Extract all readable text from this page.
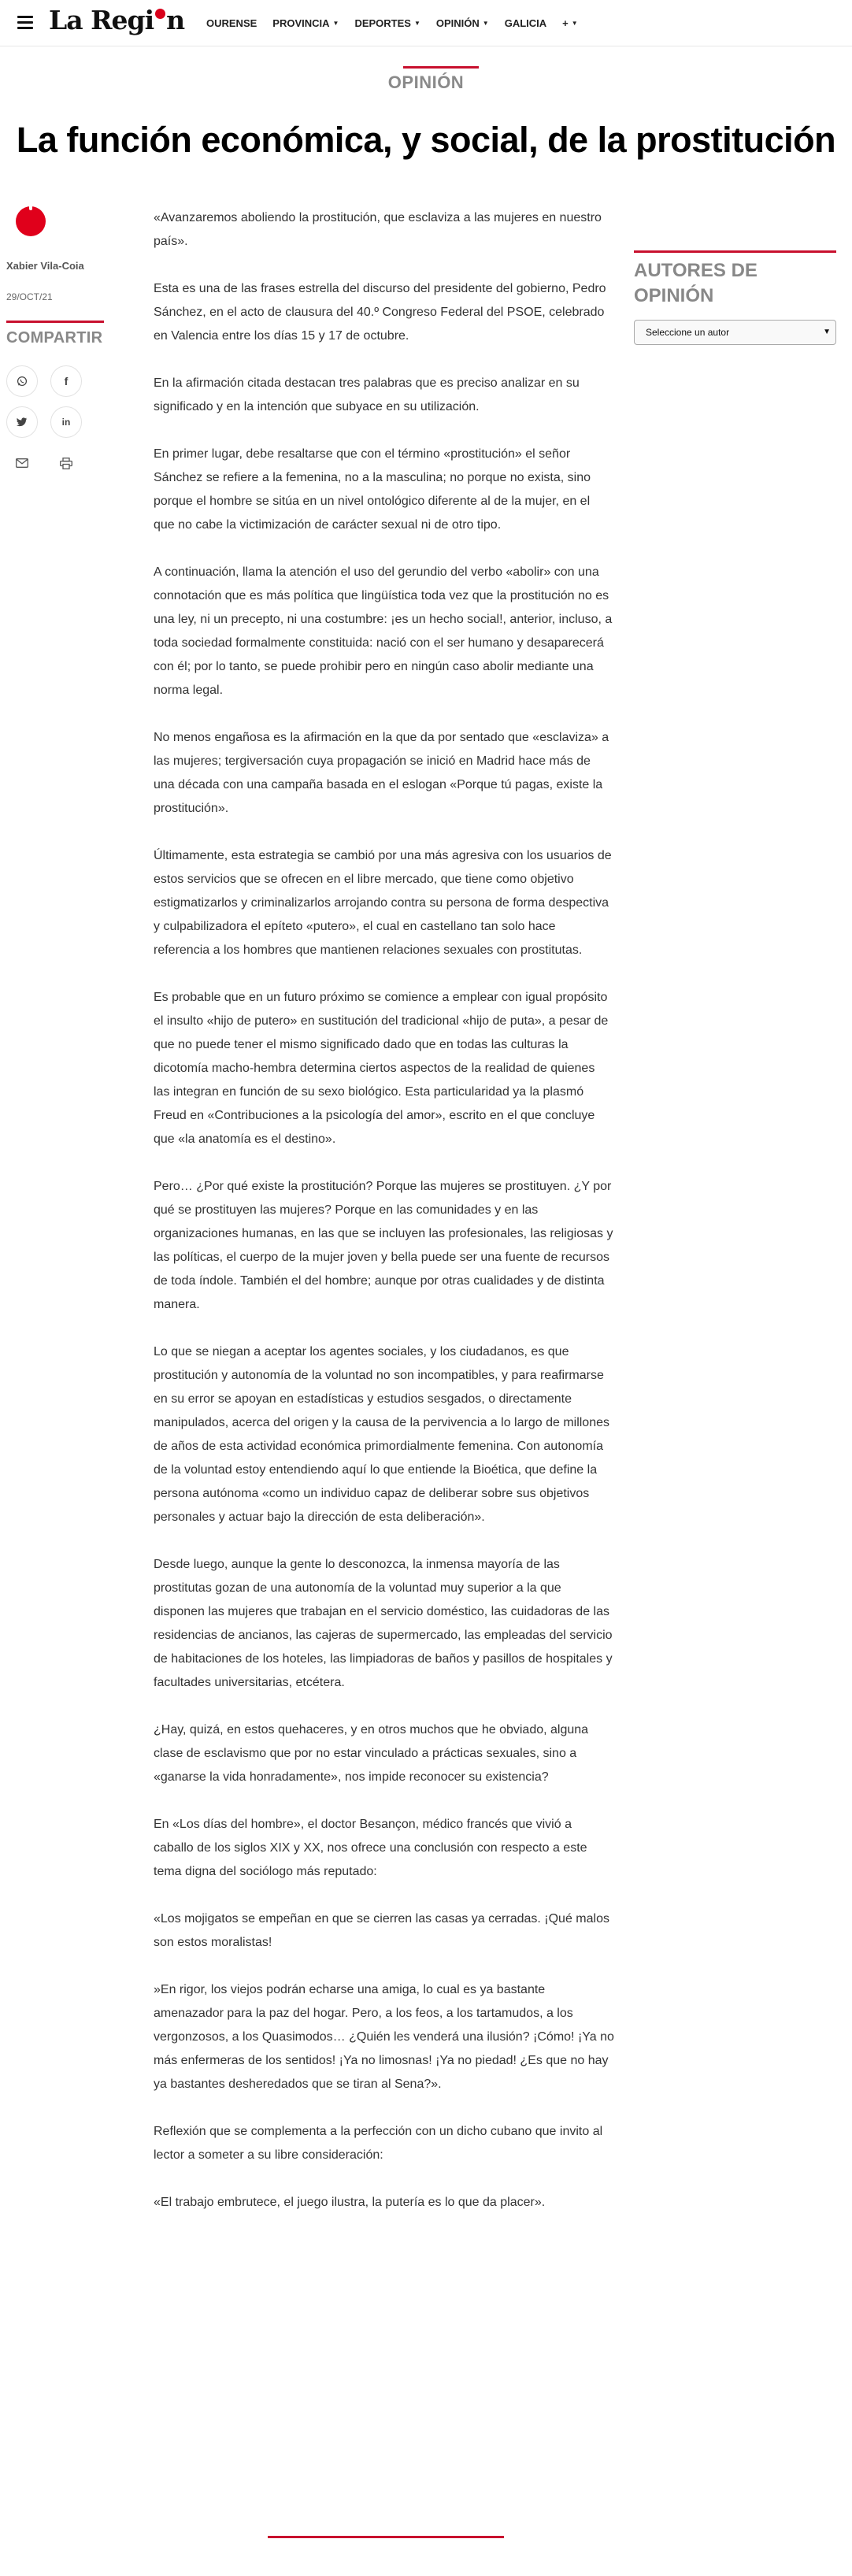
La Regi n OURENSE PROVINCIA ▼ DEPORTES ▼ OPINIÓN ▼ GALICIA + ▼
OPINIÓN
La función económica, y social, de la prostitución
Xabier Vila-Coia
29/OCT/21
COMPARTIR
f
in

«Avanzaremos aboliendo la prostitución, que esclaviza a las mujeres en nuestro país».

Esta es una de las frases estrella del discurso del presidente del gobierno, Pedro Sánchez, en el acto de clausura del 40.º Congreso Federal del PSOE, celebrado en Valencia entre los días 15 y 17 de octubre.

En la afirmación citada destacan tres palabras que es preciso analizar en su significado y en la intención que subyace en su utilización.

En primer lugar, debe resaltarse que con el término «prostitución» el señor Sánchez se refiere a la femenina, no a la masculina; no porque no exista, sino porque el hombre se sitúa en un nivel ontológico diferente al de la mujer, en el que no cabe la victimización de carácter sexual ni de otro tipo.

A continuación, llama la atención el uso del gerundio del verbo «abolir» con una connotación que es más política que lingüística toda vez que la prostitución no es una ley, ni un precepto, ni una costumbre: ¡es un hecho social!, anterior, incluso, a toda sociedad formalmente constituida: nació con el ser humano y desaparecerá con él; por lo tanto, se puede prohibir pero en ningún caso abolir mediante una norma legal.

No menos engañosa es la afirmación en la que da por sentado que «esclaviza» a las mujeres; tergiversación cuya propagación se inició en Madrid hace más de una década con una campaña basada en el eslogan «Porque tú pagas, existe la prostitución».

Últimamente, esta estrategia se cambió por una más agresiva con los usuarios de estos servicios que se ofrecen en el libre mercado, que tiene como objetivo estigmatizarlos y criminalizarlos arrojando contra su persona de forma despectiva y culpabilizadora el epíteto «putero», el cual en castellano tan solo hace referencia a los hombres que mantienen relaciones sexuales con prostitutas.

Es probable que en un futuro próximo se comience a emplear con igual propósito el insulto «hijo de putero» en sustitución del tradicional «hijo de puta», a pesar de que no puede tener el mismo significado dado que en todas las culturas la dicotomía macho-hembra determina ciertos aspectos de la realidad de quienes las integran en función de su sexo biológico. Esta particularidad ya la plasmó Freud en «Contribuciones a la psicología del amor», escrito en el que concluye que «la anatomía es el destino».

Pero… ¿Por qué existe la prostitución? Porque las mujeres se prostituyen. ¿Y por qué se prostituyen las mujeres? Porque en las comunidades y en las organizaciones humanas, en las que se incluyen las profesionales, las religiosas y las políticas, el cuerpo de la mujer joven y bella puede ser una fuente de recursos de toda índole. También el del hombre; aunque por otras cualidades y de distinta manera.

Lo que se niegan a aceptar los agentes sociales, y los ciudadanos, es que prostitución y autonomía de la voluntad no son incompatibles, y para reafirmarse en su error se apoyan en estadísticas y estudios sesgados, o directamente manipulados, acerca del origen y la causa de la pervivencia a lo largo de millones de años de esta actividad económica primordialmente femenina. Con autonomía de la voluntad estoy entendiendo aquí lo que entiende la Bioética, que define la persona autónoma «como un individuo capaz de deliberar sobre sus objetivos personales y actuar bajo la dirección de esta deliberación».

Desde luego, aunque la gente lo desconozca, la inmensa mayoría de las prostitutas gozan de una autonomía de la voluntad muy superior a la que disponen las mujeres que trabajan en el servicio doméstico, las cuidadoras de las residencias de ancianos, las cajeras de supermercado, las empleadas del servicio de habitaciones de los hoteles, las limpiadoras de baños y pasillos de hospitales y facultades universitarias, etcétera.

¿Hay, quizá, en estos quehaceres, y en otros muchos que he obviado, alguna clase de esclavismo que por no estar vinculado a prácticas sexuales, sino a «ganarse la vida honradamente», nos impide reconocer su existencia?

En «Los días del hombre», el doctor Besançon, médico francés que vivió a caballo de los siglos XIX y XX, nos ofrece una conclusión con respecto a este tema digna del sociólogo más reputado:

«Los mojigatos se empeñan en que se cierren las casas ya cerradas. ¡Qué malos son estos moralistas!

»En rigor, los viejos podrán echarse una amiga, lo cual es ya bastante amenazador para la paz del hogar. Pero, a los feos, a los tartamudos, a los vergonzosos, a los Quasimodos… ¿Quién les venderá una ilusión? ¡Cómo! ¡Ya no más enfermeras de los sentidos! ¡Ya no limosnas! ¡Ya no piedad! ¿Es que no hay ya bastantes desheredados que se tiran al Sena?».

Reflexión que se complementa a la perfección con un dicho cubano que invito al lector a someter a su libre consideración:

«El trabajo embrutece, el juego ilustra, la putería es lo que da placer».

AUTORES DE OPINIÓN
Seleccione un autor	▼
